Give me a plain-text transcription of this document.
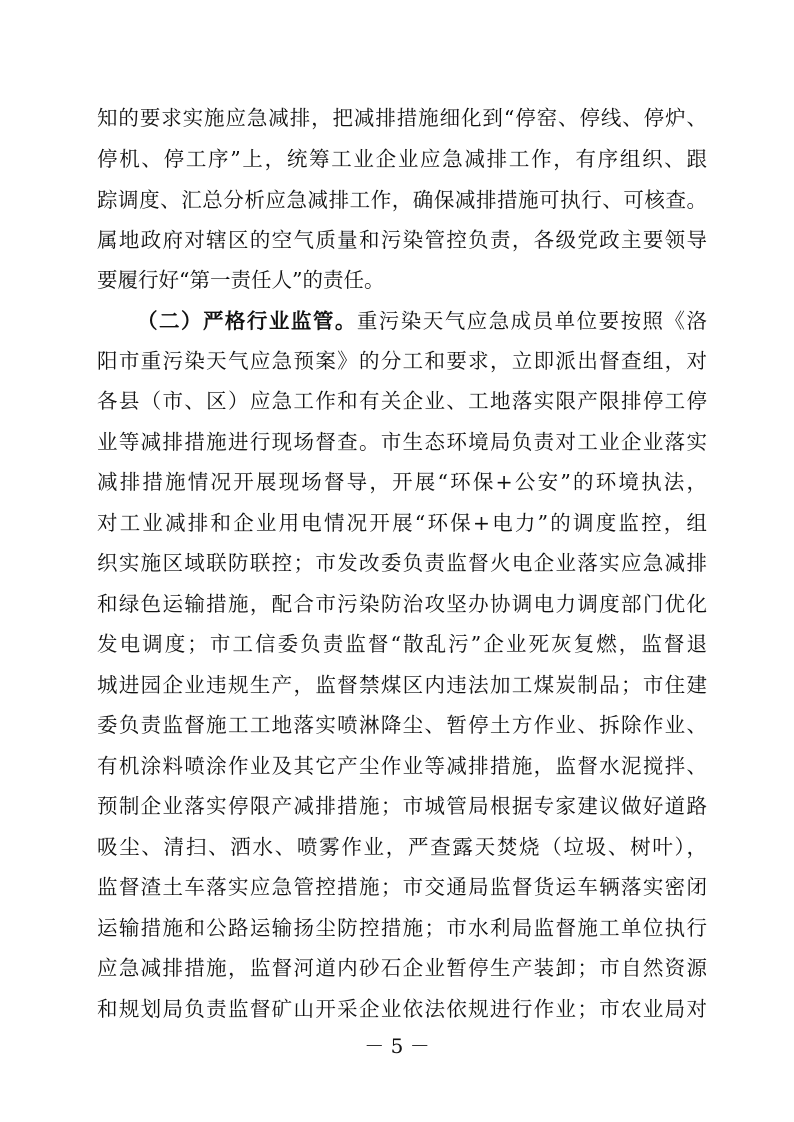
知的要求实施应急减排，把减排措施细化到“停窑、停线、停炉、
停机、停工序”上，统筹工业企业应急减排工作，有序组织、跟
踪调度、汇总分析应急减排工作，确保减排措施可执行、可核查。
属地政府对辖区的空气质量和污染管控负责，各级党政主要领导
要履行好“第一责任人”的责任。
（二）严格行业监管。重污染天气应急成员单位要按照《洛
阳市重污染天气应急预案》的分工和要求，立即派出督查组，对
各县（市、区）应急工作和有关企业、工地落实限产限排停工停
业等减排措施进行现场督查。市生态环境局负责对工业企业落实
减排措施情况开展现场督导，开展“环保+公安”的环境执法，
对工业减排和企业用电情况开展“环保+电力”的调度监控，组
织实施区域联防联控；市发改委负责监督火电企业落实应急减排
和绿色运输措施，配合市污染防治攻坚办协调电力调度部门优化
发电调度；市工信委负责监督“散乱污”企业死灰复燃，监督退
城进园企业违规生产，监督禁煤区内违法加工煤炭制品；市住建
委负责监督施工工地落实喷淋降尘、暂停土方作业、拆除作业、
有机涂料喷涂作业及其它产尘作业等减排措施，监督水泥搅拌、
预制企业落实停限产减排措施；市城管局根据专家建议做好道路
吸尘、清扫、洒水、喷雾作业，严查露天焚烧（垃圾、树叶），
监督渣土车落实应急管控措施；市交通局监督货运车辆落实密闭
运输措施和公路运输扬尘防控措施；市水利局监督施工单位执行
应急减排措施，监督河道内砂石企业暂停生产装卸；市自然资源
和规划局负责监督矿山开采企业依法依规进行作业；市农业局对
－ 5 －
